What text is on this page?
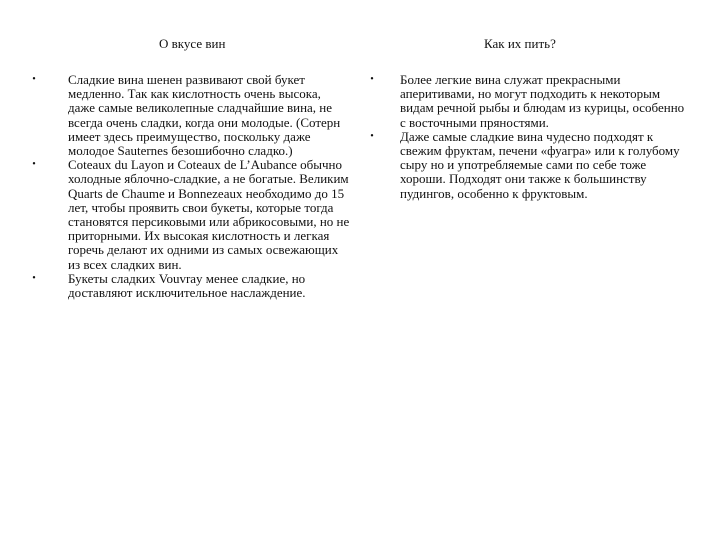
О вкусе вин
•	Сладкие вина шенен развивают свой букет медленно. Так как кислотность очень высока, даже самые великолепные сладчайшие вина, не всегда очень сладки, когда они молодые. (Сотерн имеет здесь преимущество, поскольку даже молодое Sauternes безошибочно сладко.)
•	Coteaux du Layon и Coteaux de L’Aubance обычно холодные яблочно-сладкие, а не богатые. Великим Quarts de Chaume и Bonnezeaux необходимо до 15 лет, чтобы проявить свои букеты, которые тогда становятся персиковыми или абрикосовыми, но не приторными. Их высокая кислотность и легкая горечь делают их одними из самых освежающих из всех сладких вин.
•	Букеты сладких Vouvray менее сладкие, но доставляют исключительное наслаждение.
Как их пить?
•	Более легкие вина служат прекрасными аперитивами, но могут подходить к некоторым видам речной рыбы и блюдам из курицы, особенно с восточными пряностями.
•	Даже самые сладкие вина чудесно подходят к свежим фруктам, печени «фуагра» или к голубому сыру но и употребляемые сами по себе тоже хороши. Подходят они также к большинству пудингов, особенно к фруктовым.
